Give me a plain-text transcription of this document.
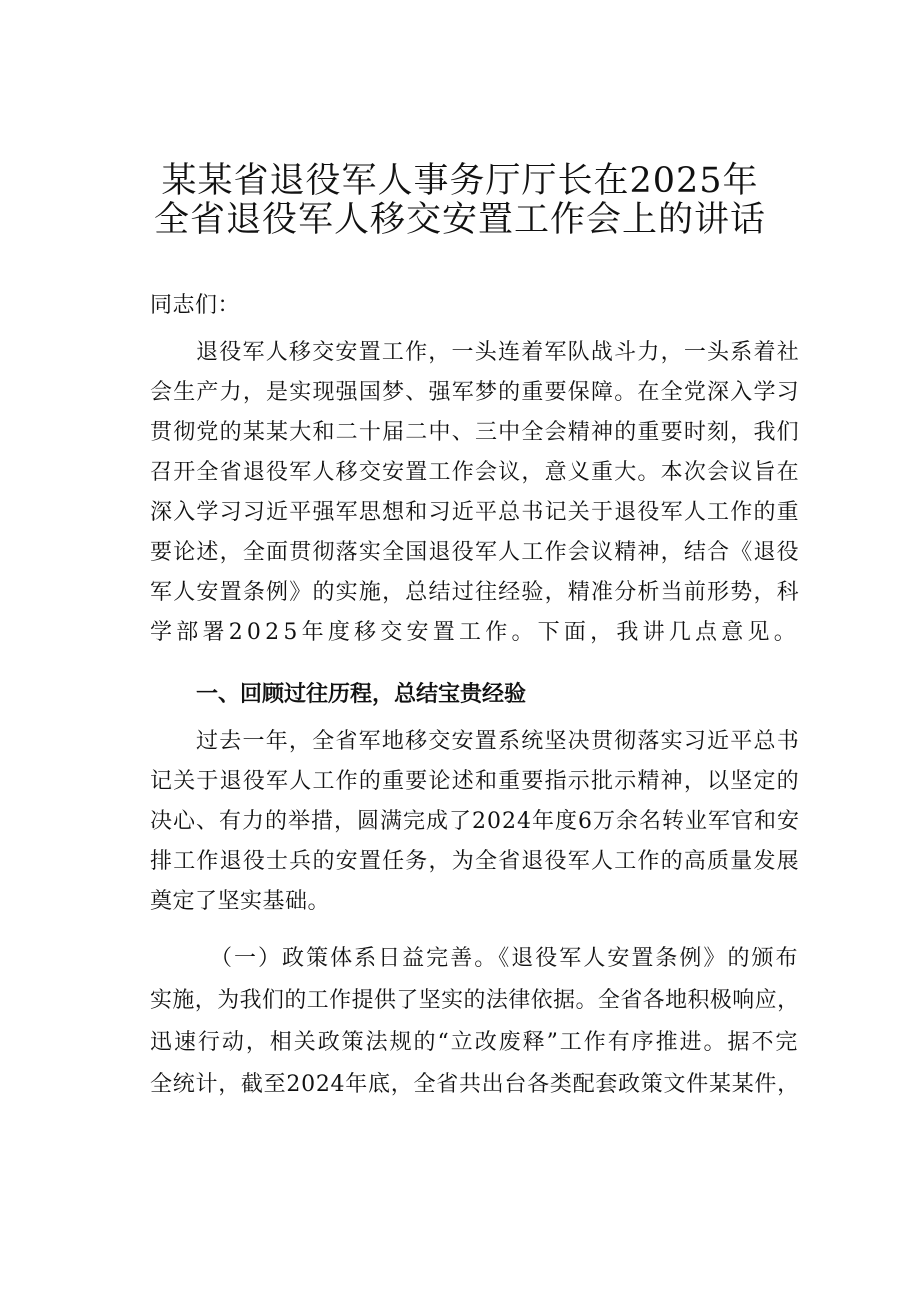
某某省退役军人事务厅厅长在2025年
全省退役军人移交安置工作会上的讲话
同志们：
退役军人移交安置工作，一头连着军队战斗力，一头系着社
会生产力，是实现强国梦、强军梦的重要保障。在全党深入学习
贯彻党的某某大和二十届二中、三中全会精神的重要时刻，我们
召开全省退役军人移交安置工作会议，意义重大。本次会议旨在
深入学习习近平强军思想和习近平总书记关于退役军人工作的重
要论述，全面贯彻落实全国退役军人工作会议精神，结合《退役
军人安置条例》的实施，总结过往经验，精准分析当前形势，科
学部署2025年度移交安置工作。下面，我讲几点意见。
一、回顾过往历程，总结宝贵经验
过去一年，全省军地移交安置系统坚决贯彻落实习近平总书
记关于退役军人工作的重要论述和重要指示批示精神，以坚定的
决心、有力的举措，圆满完成了2024年度6万余名转业军官和安
排工作退役士兵的安置任务，为全省退役军人工作的高质量发展
奠定了坚实基础。
（一）政策体系日益完善。《退役军人安置条例》的颁布
实施，为我们的工作提供了坚实的法律依据。全省各地积极响应，
迅速行动，相关政策法规的“立改废释”工作有序推进。据不完
全统计，截至2024年底，全省共出台各类配套政策文件某某件，
